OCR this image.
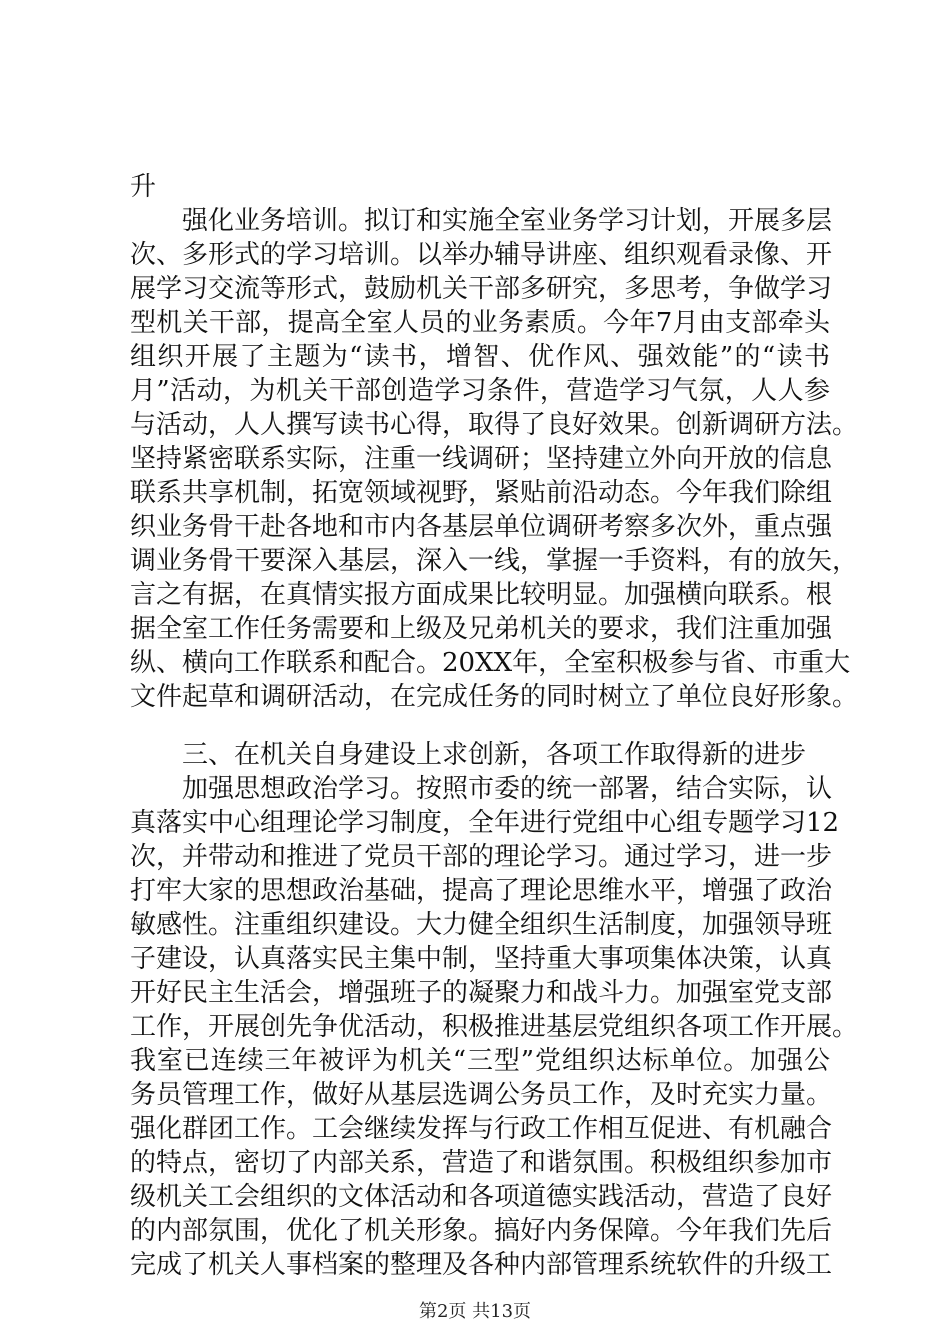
升
　　强化业务培训。拟订和实施全室业务学习计划，开展多层
次、多形式的学习培训。以举办辅导讲座、组织观看录像、开
展学习交流等形式，鼓励机关干部多研究，多思考，争做学习
型机关干部，提高全室人员的业务素质。今年7月由支部牵头
组织开展了主题为“读书，增智、优作风、强效能”的“读书
月”活动，为机关干部创造学习条件，营造学习气氛，人人参
与活动，人人撰写读书心得，取得了良好效果。创新调研方法。
坚持紧密联系实际，注重一线调研；坚持建立外向开放的信息
联系共享机制，拓宽领域视野，紧贴前沿动态。今年我们除组
织业务骨干赴各地和市内各基层单位调研考察多次外，重点强
调业务骨干要深入基层，深入一线，掌握一手资料，有的放矢，
言之有据，在真情实报方面成果比较明显。加强横向联系。根
据全室工作任务需要和上级及兄弟机关的要求，我们注重加强
纵、横向工作联系和配合。20XX年，全室积极参与省、市重大
文件起草和调研活动，在完成任务的同时树立了单位良好形象。
　　三、在机关自身建设上求创新，各项工作取得新的进步
　　加强思想政治学习。按照市委的统一部署，结合实际，认
真落实中心组理论学习制度，全年进行党组中心组专题学习12
次，并带动和推进了党员干部的理论学习。通过学习，进一步
打牢大家的思想政治基础，提高了理论思维水平，增强了政治
敏感性。注重组织建设。大力健全组织生活制度，加强领导班
子建设，认真落实民主集中制，坚持重大事项集体决策，认真
开好民主生活会，增强班子的凝聚力和战斗力。加强室党支部
工作，开展创先争优活动，积极推进基层党组织各项工作开展。
我室已连续三年被评为机关“三型”党组织达标单位。加强公
务员管理工作，做好从基层选调公务员工作，及时充实力量。
强化群团工作。工会继续发挥与行政工作相互促进、有机融合
的特点，密切了内部关系，营造了和谐氛围。积极组织参加市
级机关工会组织的文体活动和各项道德实践活动，营造了良好
的内部氛围，优化了机关形象。搞好内务保障。今年我们先后
完成了机关人事档案的整理及各种内部管理系统软件的升级工
第2页 共13页
